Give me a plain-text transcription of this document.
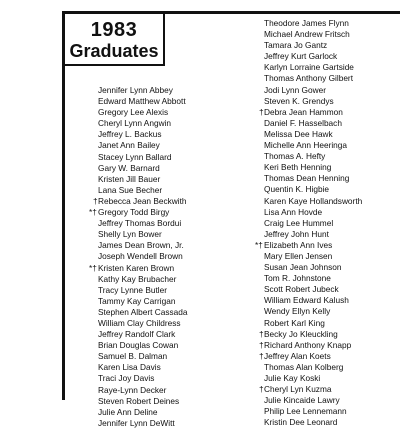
1983
Graduates
Jennifer Lynn Abbey
Edward Matthew Abbott
Gregory Lee Alexis
Cheryl Lynn Angwin
Jeffrey L. Backus
Janet Ann Bailey
Stacey Lynn Ballard
Gary W. Barnard
Kristen Jill Bauer
Lana Sue Becher
† Rebecca Jean Beckwith
*† Gregory Todd Birgy
Jeffrey Thomas Bordui
Shelly Lyn Bower
James Dean Brown, Jr.
Joseph Wendell Brown
*† Kristen Karen Brown
Kathy Kay Brubacher
Tracy Lynne Butler
Tammy Kay Carrigan
Stephen Albert Cassada
William Clay Childress
Jeffrey Randolf Clark
Brian Douglas Cowan
Samuel B. Dalman
Karen Lisa Davis
Traci Joy Davis
Raye-Lynn Decker
Steven Robert Deines
Julie Ann Deline
Jennifer Lynn DeWitt
Theodore James Flynn
Michael Andrew Fritsch
Tamara Jo Gantz
Jeffrey Kurt Garlock
Karlyn Lorraine Gartside
Thomas Anthony Gilbert
Jodi Lynn Gower
Steven K. Grendys
† Debra Jean Hammon
Daniel F. Hasselbach
Melissa Dee Hawk
Michelle Ann Heeringa
Thomas A. Hefty
Keri Beth Henning
Thomas Dean Henning
Quentin K. Higbie
Karen Kaye Hollandsworth
Lisa Ann Hovde
Craig Lee Hummel
Jeffrey John Hunt
*† Elizabeth Ann Ives
Mary Ellen Jensen
Susan Jean Johnson
Tom R. Johnstone
Scott Robert Jubeck
William Edward Kalush
Wendy Ellyn Kelly
Robert Karl King
† Becky Jo Kleuckling
† Richard Anthony Knapp
† Jeffrey Alan Koets
Thomas Alan Kolberg
Julie Kay Koski
† Cheryl Lyn Kuzma
Julie Kincaide Lawry
Philip Lee Lennemann
Kristin Dee Leonard
